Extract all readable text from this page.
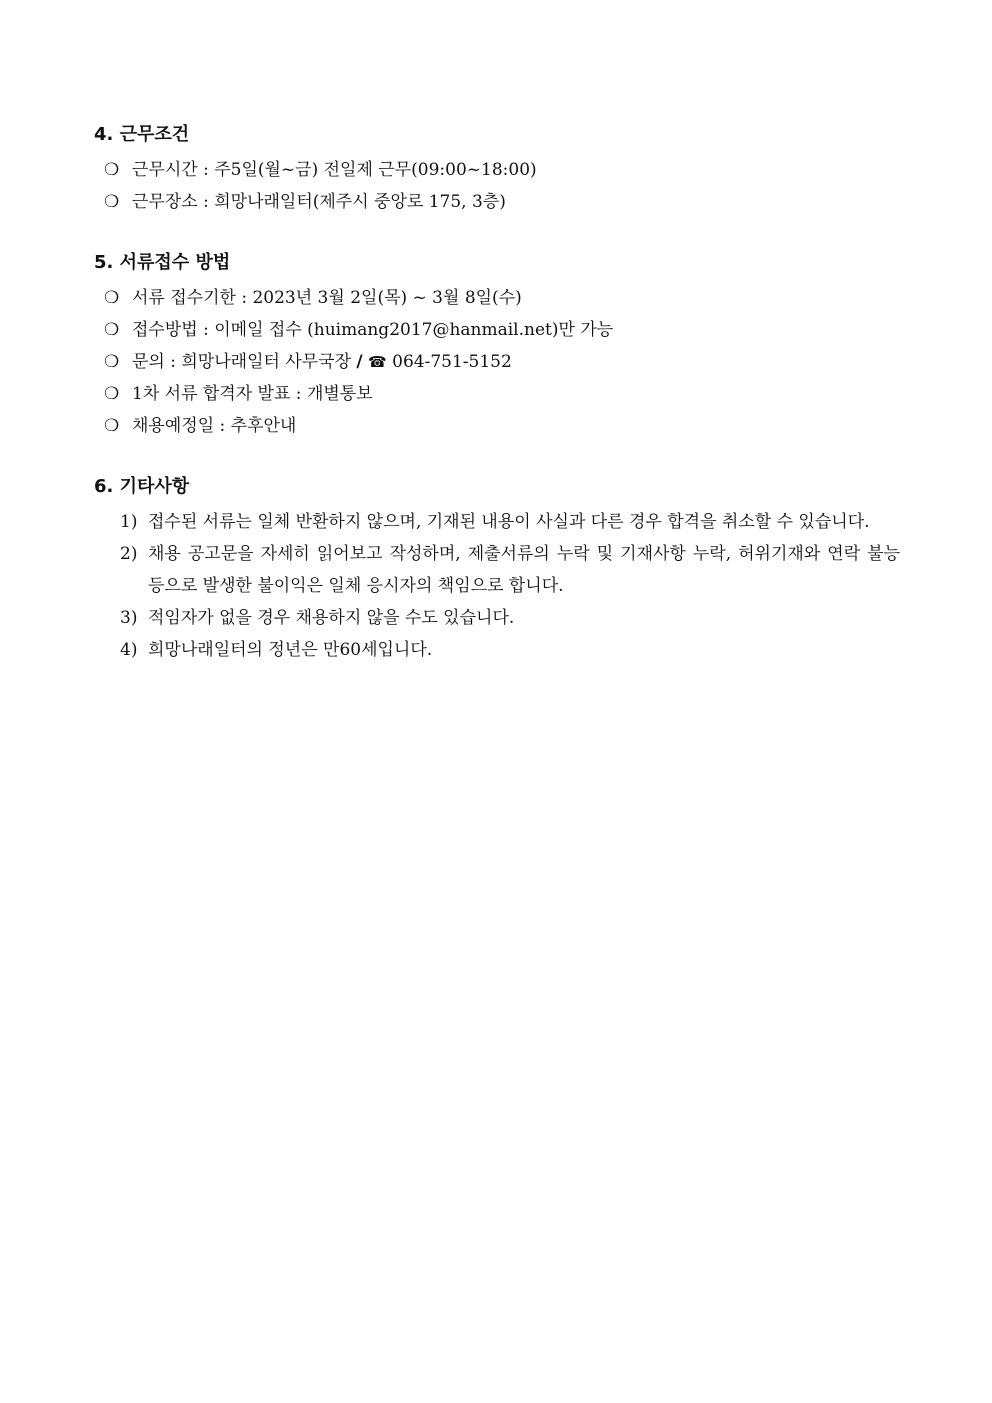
4. 근무조건
❍ 근무시간 : 주5일(월~금) 전일제 근무(09:00~18:00)
❍ 근무장소 : 희망나래일터(제주시 중앙로 175, 3층)
5. 서류접수 방법
❍ 서류 접수기한 : 2023년 3월 2일(목) ~ 3월 8일(수)
❍ 접수방법 : 이메일 접수 (huimang2017@hanmail.net)만 가능
❍ 문의 : 희망나래일터 사무국장 / ☎ 064-751-5152
❍ 1차 서류 합격자 발표 : 개별통보
❍ 채용예정일 : 추후안내
6. 기타사항
1) 접수된 서류는 일체 반환하지 않으며, 기재된 내용이 사실과 다른 경우 합격을 취소할 수 있습니다.
2) 채용 공고문을 자세히 읽어보고 작성하며, 제출서류의 누락 및 기재사항 누락, 허위기재와 연락 불능 등으로 발생한 불이익은 일체 응시자의 책임으로 합니다.
3) 적임자가 없을 경우 채용하지 않을 수도 있습니다.
4) 희망나래일터의 정년은 만60세입니다.
